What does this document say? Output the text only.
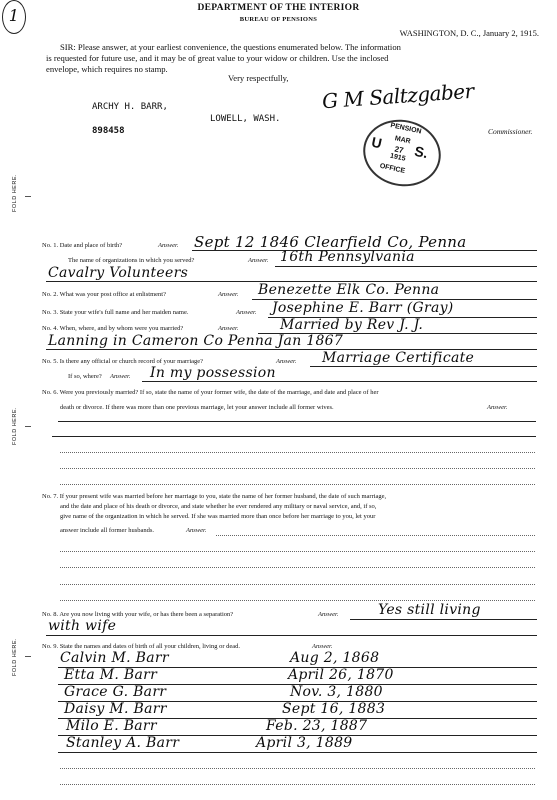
1	DEPARTMENT OF THE INTERIOR
BUREAU OF PENSIONS
WASHINGTON, D. C., January 2, 1915.
SIR: Please answer, at your earliest convenience, the questions enumerated below. The information
is requested for future use, and it may be of great value to your widow or children. Use the inclosed
envelope, which requires no stamp.
Very respectfully,
ARCHY H. BARR,
LOWELL, WASH.
898458
G M Saltzgaber
Commissioner.
PENSION
U MAR
27
1915 S.
OFFICE
FOLD HERE.
FOLD HERE.
FOLD HERE.
No. 1. Date and place of birth?	Answer. Sept 12 1846 Clearfield Co, Penna
The name of organizations in which you served?	Answer. 16th Pennsylvania
Cavalry Volunteers
No. 2. What was your post office at enlistment?	Answer. Benezette Elk Co. Penna
No. 3. State your wife's full name and her maiden name.	Answer. Josephine E. Barr (Gray)
No. 4. When, where, and by whom were you married?	Answer.	Married by Rev J. J.
Lanning in Cameron Co Penna Jan 1867
No. 5. Is there any official or church record of your marriage?	Answer. Marriage Certificate
If so, where? Answer. In my possession
No. 6. Were you previously married? If so, state the name of your former wife, the date of the marriage, and date and place of her
death or divorce. If there was more than one previous marriage, let your answer include all former wives.	Answer.
No. 7. If your present wife was married before her marriage to you, state the name of her former husband, the date of such marriage,
and the date and place of his death or divorce, and state whether he ever rendered any military or naval service, and, if so,
give name of the organization in which he served. If she was married more than once before her marriage to you, let your
answer include all former husbands.	Answer.
No. 8. Are you now living with your wife, or has there been a separation?	Answer.	Yes still living
with wife
No. 9. State the names and dates of birth of all your children, living or dead.	Answer.
Calvin M. Barr	Aug 2, 1868
Etta M. Barr	April 26, 1870
Grace G. Barr	Nov. 3, 1880
Daisy M. Barr	Sept 16, 1883
Milo E. Barr	Feb. 23, 1887
Stanley A. Barr	April 3, 1889
